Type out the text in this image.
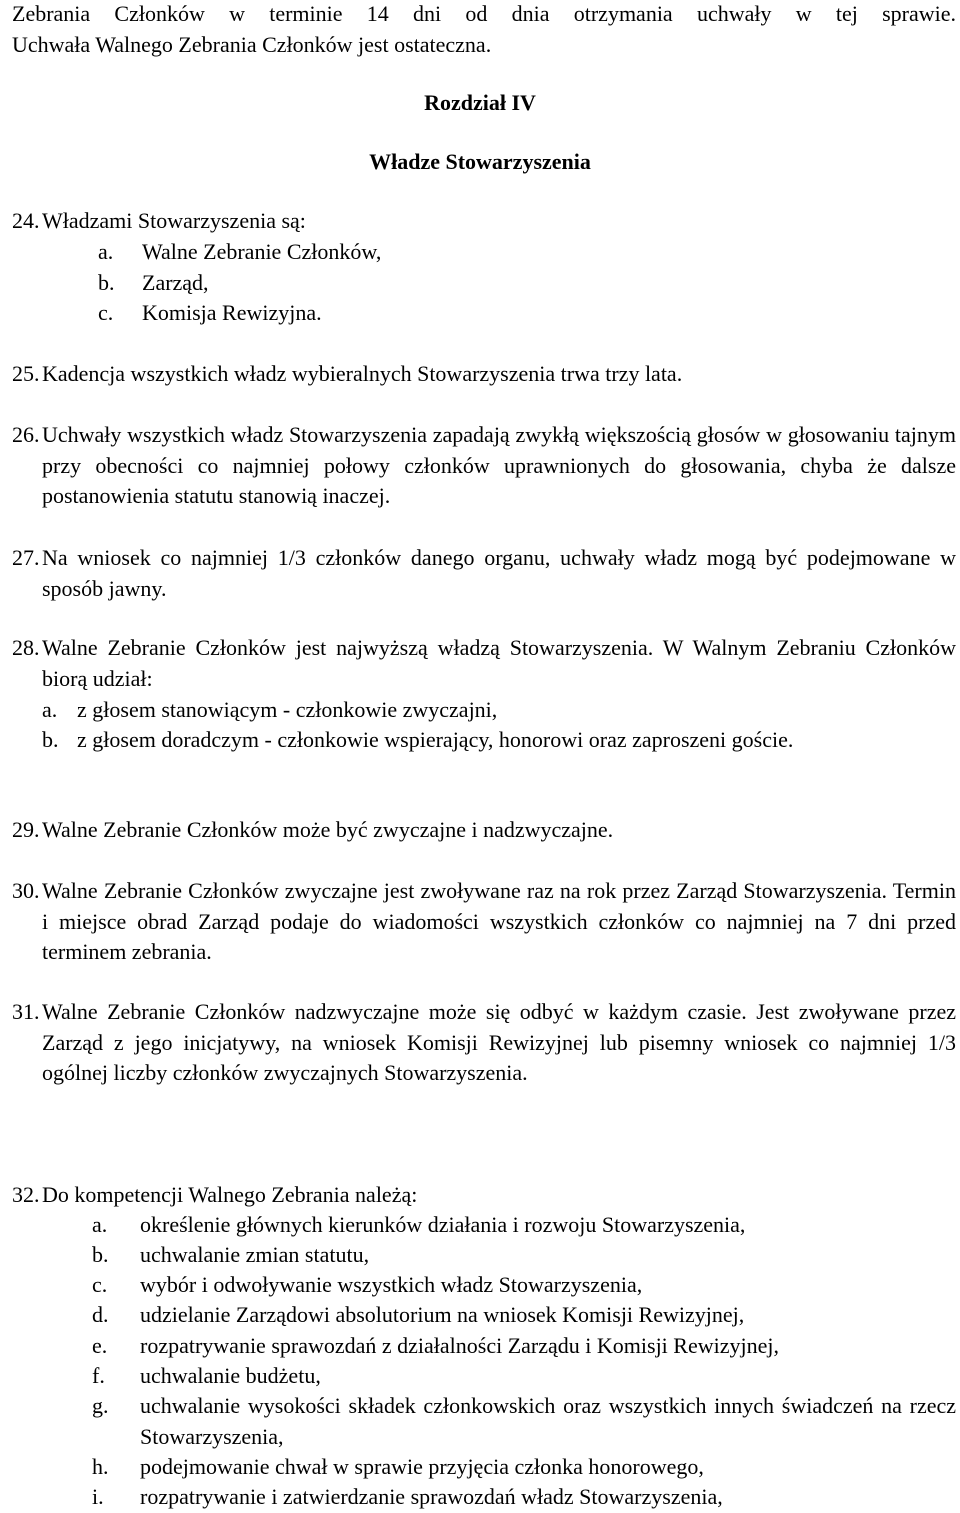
Zebrania Członków w terminie 14 dni od dnia otrzymania uchwały w tej sprawie.
Uchwała Walnego Zebrania Członków jest ostateczna.
Rozdział IV
Władze Stowarzyszenia
24. Władzami Stowarzyszenia są:
a. Walne Zebranie Członków,
b. Zarząd,
c. Komisja Rewizyjna.
25. Kadencja wszystkich władz wybieralnych Stowarzyszenia trwa trzy lata.
26. Uchwały wszystkich władz Stowarzyszenia zapadają zwykłą większością głosów w głosowaniu tajnym przy obecności co najmniej połowy członków uprawnionych do głosowania, chyba że dalsze postanowienia statutu stanowią inaczej.
27. Na wniosek co najmniej 1/3 członków danego organu, uchwały władz mogą być podejmowane w sposób jawny.
28. Walne Zebranie Członków jest najwyższą władzą Stowarzyszenia. W Walnym Zebraniu Członków biorą udział:
a. z głosem stanowiącym - członkowie zwyczajni,
b. z głosem doradczym - członkowie wspierający, honorowi oraz zaproszeni goście.
29. Walne Zebranie Członków może być zwyczajne i nadzwyczajne.
30. Walne Zebranie Członków zwyczajne jest zwoływane raz na rok przez Zarząd Stowarzyszenia. Termin i miejsce obrad Zarząd podaje do wiadomości wszystkich członków co najmniej na 7 dni przed terminem zebrania.
31. Walne Zebranie Członków nadzwyczajne może się odbyć w każdym czasie. Jest zwoływane przez Zarząd z jego inicjatywy, na wniosek Komisji Rewizyjnej lub pisemny wniosek co najmniej 1/3 ogólnej liczby członków zwyczajnych Stowarzyszenia.
32. Do kompetencji Walnego Zebrania należą:
a. określenie głównych kierunków działania i rozwoju Stowarzyszenia,
b. uchwalanie zmian statutu,
c. wybór i odwoływanie wszystkich władz Stowarzyszenia,
d. udzielanie Zarządowi absolutorium na wniosek Komisji Rewizyjnej,
e. rozpatrywanie sprawozdań z działalności Zarządu i Komisji Rewizyjnej,
f. uchwalanie budżetu,
g. uchwalanie wysokości składek członkowskich oraz wszystkich innych świadczeń na rzecz Stowarzyszenia,
h. podejmowanie chwał w sprawie przyjęcia członka honorowego,
i. rozpatrywanie i zatwierdzanie sprawozdań władz Stowarzyszenia,
